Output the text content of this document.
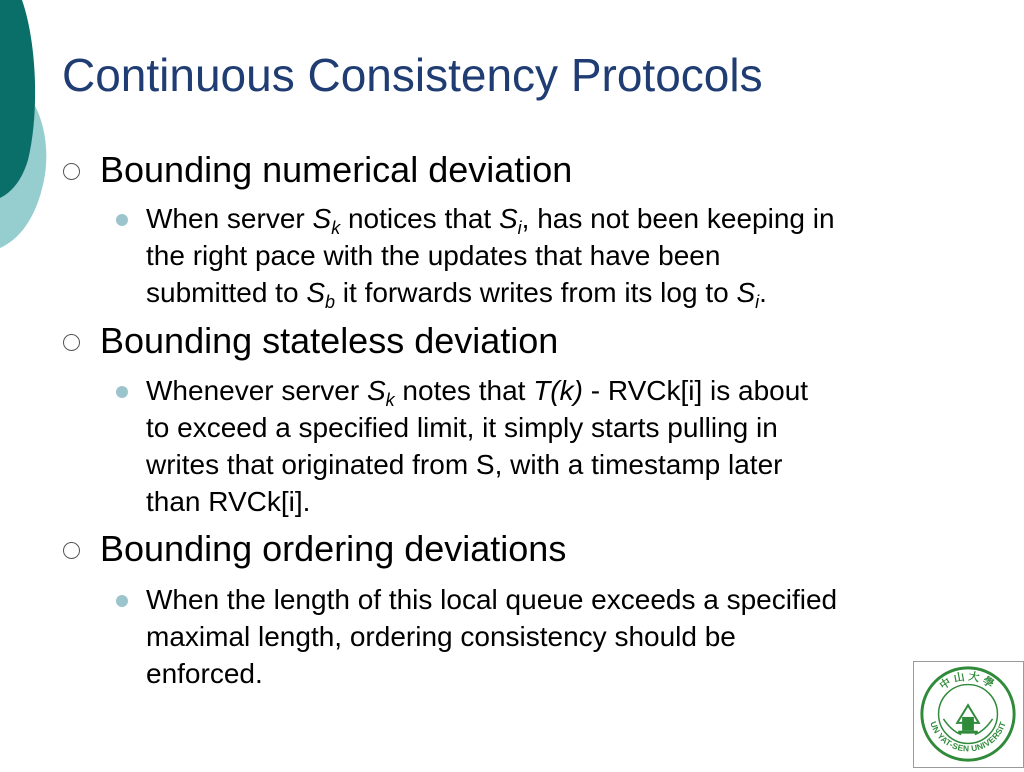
Continuous Consistency Protocols
Bounding numerical deviation
When server $S_k$ notices that $S_i$, has not been keeping in
the right pace with the updates that have been
submitted to $S_b$ it forwards writes from its log to $S_i$.
Bounding stateless deviation
Whenever server $S_k$ notes that T(k) - RVCk[i] is about
to exceed a specified limit, it simply starts pulling in
writes that originated from S, with a timestamp later
than RVCk[i].
Bounding ordering deviations
When the length of this local queue exceeds a specified
maximal length, ordering consistency should be
enforced.
UN YAT-SEN UNIVERSIT
中山大學
